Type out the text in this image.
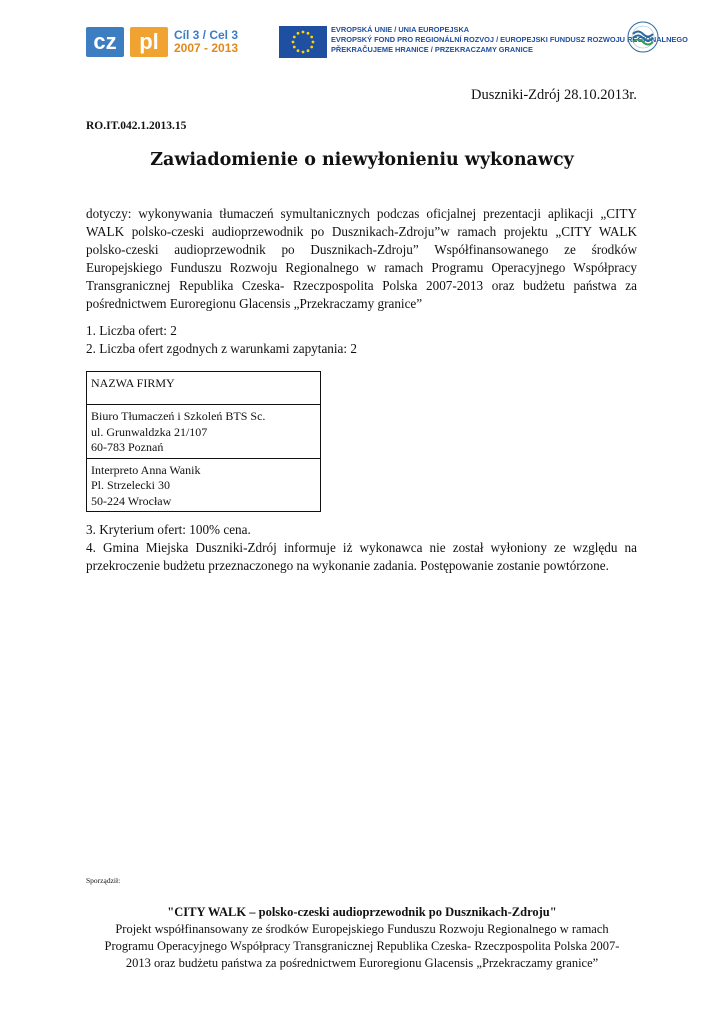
cz	pl	Cíl 3 / Cel 3
2007 - 2013
EVROPSKÁ UNIE / UNIA EUROPEJSKA
EVROPSKÝ FOND PRO REGIONÁLNÍ ROZVOJ / EUROPEJSKI FUNDUSZ ROZWOJU REGIONALNEGO
PŘEKRAČUJEME HRANICE / PRZEKRACZAMY GRANICE
Duszniki-Zdrój 28.10.2013r.
RO.IT.042.1.2013.15
Zawiadomienie o niewyłonieniu wykonawcy
dotyczy: wykonywania tłumaczeń symultanicznych podczas oficjalnej prezentacji aplikacji „CITY WALK polsko-czeski audioprzewodnik po Dusznikach-Zdroju”w ramach projektu „CITY WALK polsko-czeski audioprzewodnik po Dusznikach-Zdroju” Współfinansowanego ze środków Europejskiego Funduszu Rozwoju Regionalnego w ramach Programu Operacyjnego Współpracy Transgranicznej Republika Czeska- Rzeczpospolita Polska 2007-2013 oraz budżetu państwa za pośrednictwem Euroregionu Glacensis „Przekraczamy granice”
1. Liczba ofert: 2
2. Liczba ofert zgodnych z warunkami zapytania: 2
NAZWA FIRMY

Biuro Tłumaczeń i Szkoleń BTS Sc.
ul. Grunwaldzka 21/107
60-783 Poznań

Interpreto Anna Wanik
Pl. Strzelecki 30
50-224 Wrocław
3. Kryterium ofert: 100% cena.
4. Gmina Miejska Duszniki-Zdrój informuje iż wykonawca nie został wyłoniony ze względu na przekroczenie budżetu przeznaczonego na wykonanie zadania. Postępowanie zostanie powtórzone.
Sporządził:
"CITY WALK – polsko-czeski audioprzewodnik po Dusznikach-Zdroju"
Projekt współfinansowany ze środków Europejskiego Funduszu Rozwoju Regionalnego w ramach
Programu Operacyjnego Współpracy Transgranicznej Republika Czeska- Rzeczpospolita Polska 2007-
2013 oraz budżetu państwa za pośrednictwem Euroregionu Glacensis „Przekraczamy granice”
